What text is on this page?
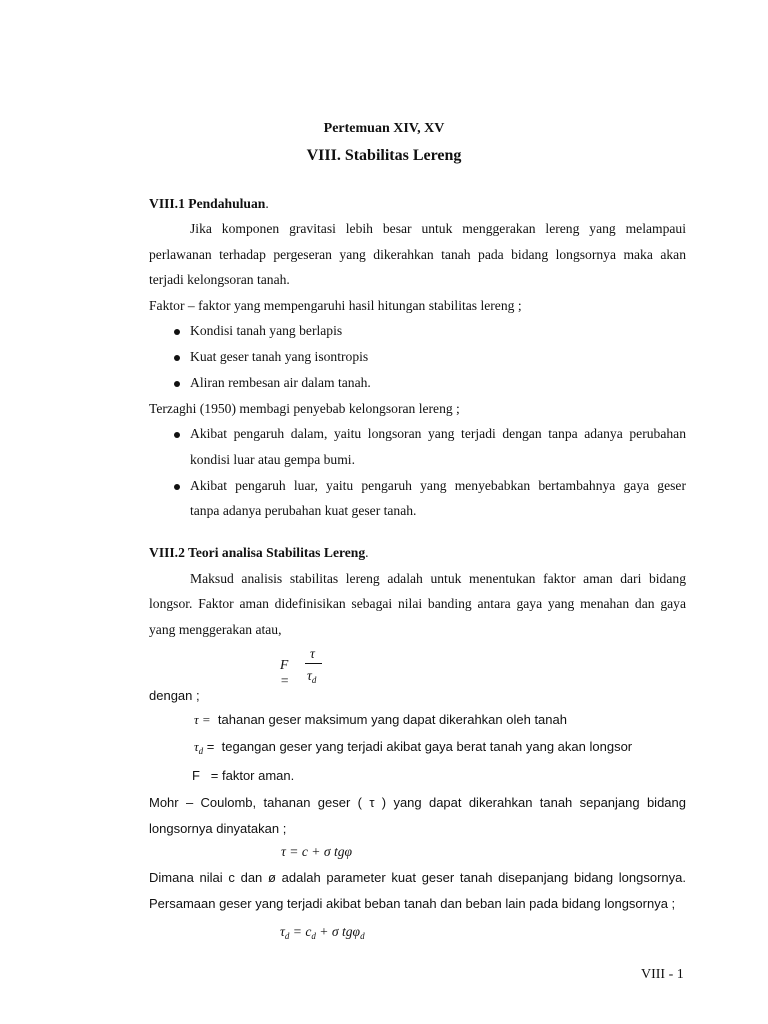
Pertemuan XIV, XV
VIII. Stabilitas Lereng
VIII.1 Pendahuluan.
Jika komponen gravitasi lebih besar untuk menggerakan lereng yang melampaui
perlawanan terhadap pergeseran yang dikerahkan tanah pada bidang longsornya maka akan
terjadi kelongsoran tanah.
Faktor – faktor yang mempengaruhi hasil hitungan stabilitas lereng ;
Kondisi tanah yang berlapis
Kuat geser tanah yang isontropis
Aliran rembesan air dalam tanah.
Terzaghi (1950) membagi penyebab kelongsoran lereng ;
Akibat pengaruh dalam, yaitu longsoran yang terjadi dengan tanpa adanya perubahan
kondisi luar atau gempa bumi.
Akibat pengaruh luar, yaitu pengaruh yang menyebabkan bertambahnya gaya geser
tanpa adanya perubahan kuat geser tanah.
VIII.2 Teori analisa Stabilitas Lereng.
Maksud analisis stabilitas lereng adalah untuk menentukan faktor aman dari bidang
longsor. Faktor aman didefinisikan sebagai nilai banding antara gaya yang menahan dan gaya
yang menggerakan atau,
F =
τ
$\tau_d$
dengan ;
τ = tahanan geser maksimum yang dapat dikerahkan oleh tanah
$\tau_d$ = tegangan geser yang terjadi akibat gaya berat tanah yang akan longsor
F = faktor aman.
Mohr – Coulomb, tahanan geser ( τ ) yang dapat dikerahkan tanah sepanjang bidang
longsornya dinyatakan ;
τ = c + σ tgφ
Dimana nilai c dan ø adalah parameter kuat geser tanah disepanjang bidang longsornya.
Persamaan geser yang terjadi akibat beban tanah dan beban lain pada bidang longsornya ;
$\tau_d = c_d + \sigma$ tgφ$_d$
VIII - 1
